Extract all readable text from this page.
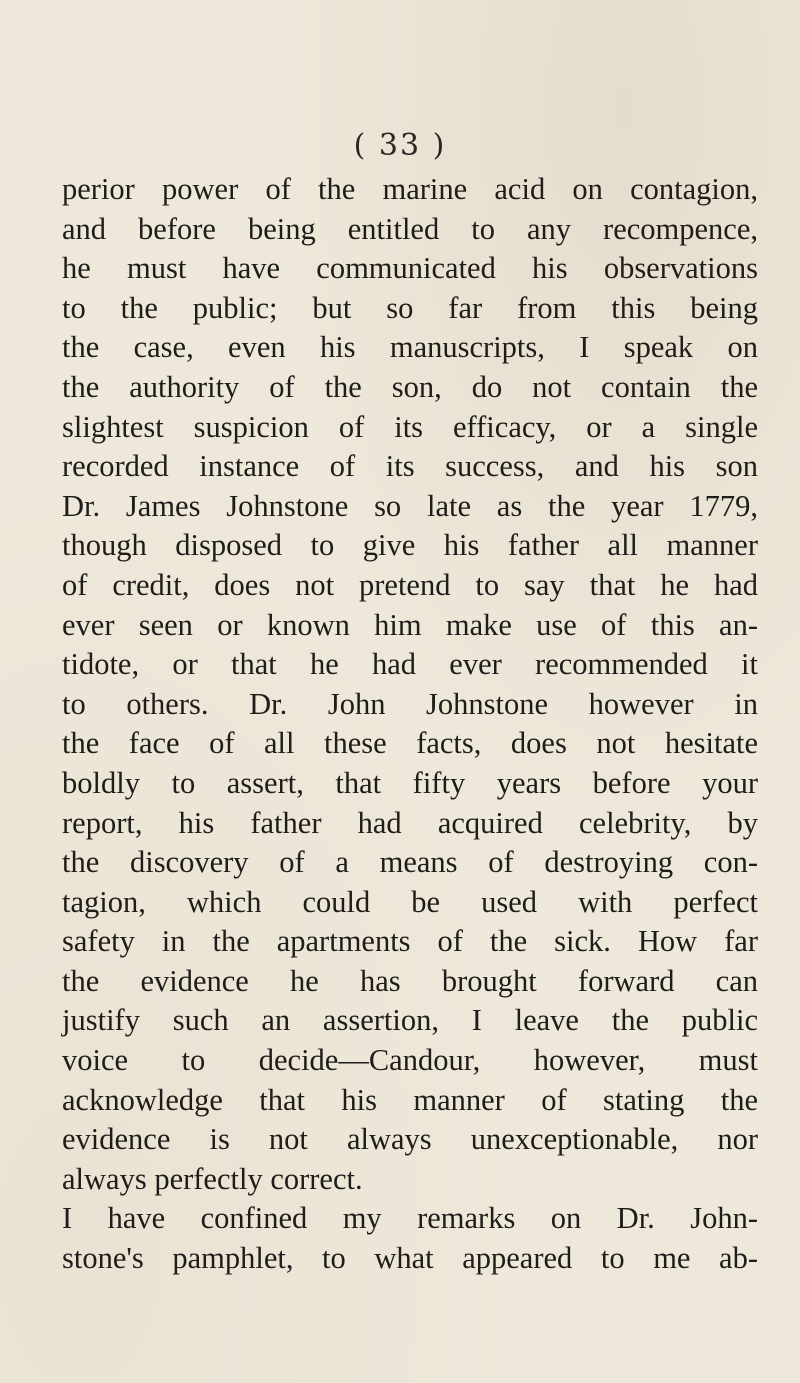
( 33 )
perior power of the marine acid on contagion,
and before being entitled to any recompence,
he must have communicated his observations
to the public; but so far from this being
the case, even his manuscripts, I speak on
the authority of the son, do not contain the
slightest suspicion of its efficacy, or a single
recorded instance of its success, and his son
Dr. James Johnstone so late as the year 1779,
though disposed to give his father all manner
of credit, does not pretend to say that he had
ever seen or known him make use of this an-
tidote, or that he had ever recommended it
to others. Dr. John Johnstone however in
the face of all these facts, does not hesitate
boldly to assert, that fifty years before your
report, his father had acquired celebrity, by
the discovery of a means of destroying con-
tagion, which could be used with perfect
safety in the apartments of the sick. How far
the evidence he has brought forward can
justify such an assertion, I leave the public
voice to decide—Candour, however, must
acknowledge that his manner of stating the
evidence is not always unexceptionable, nor
always perfectly correct.
I have confined my remarks on Dr. John-
stone's pamphlet, to what appeared to me ab-
